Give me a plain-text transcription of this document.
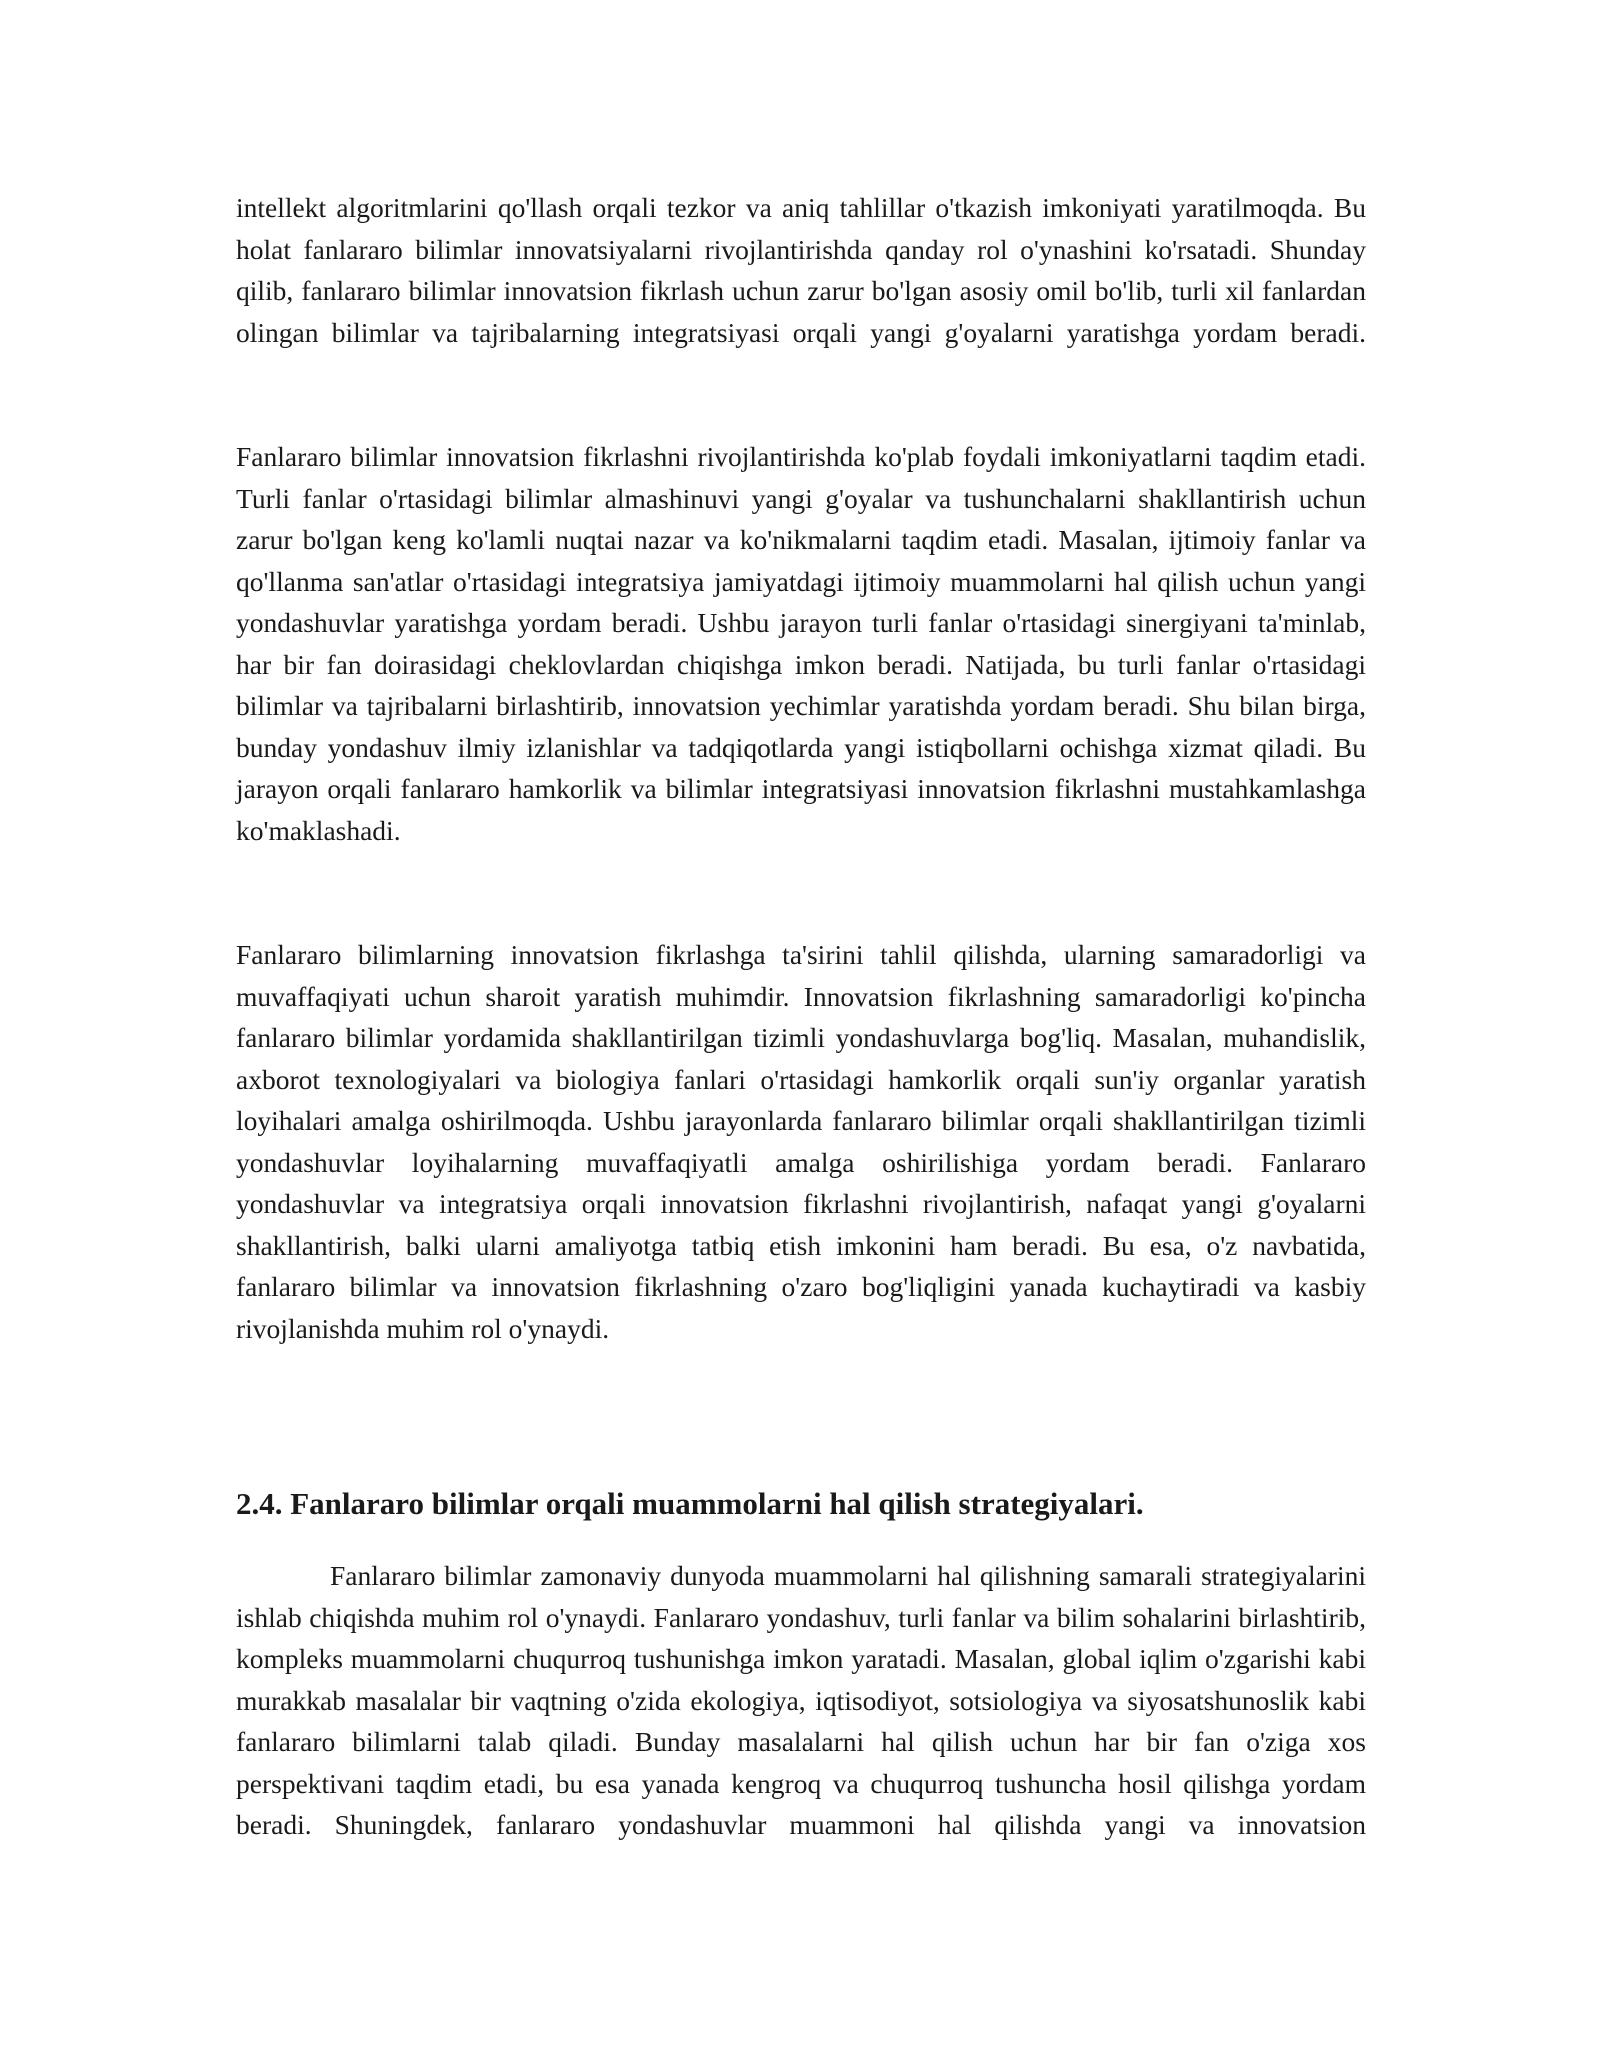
intellekt algoritmlarini qo'llash orqali tezkor va aniq tahlillar o'tkazish imkoniyati yaratilmoqda. Bu holat fanlararo bilimlar innovatsiyalarni rivojlantirishda qanday rol o'ynashini ko'rsatadi. Shunday qilib, fanlararo bilimlar innovatsion fikrlash uchun zarur bo'lgan asosiy omil bo'lib, turli xil fanlardan olingan bilimlar va tajribalarning integratsiyasi orqali yangi g'oyalarni yaratishga yordam beradi.

Fanlararo bilimlar innovatsion fikrlashni rivojlantirishda ko'plab foydali imkoniyatlarni taqdim etadi. Turli fanlar o'rtasidagi bilimlar almashinuvi yangi g'oyalar va tushunchalarni shakllantirish uchun zarur bo'lgan keng ko'lamli nuqtai nazar va ko'nikmalarni taqdim etadi. Masalan, ijtimoiy fanlar va qo'llanma san'atlar o'rtasidagi integratsiya jamiyatdagi ijtimoiy muammolarni hal qilish uchun yangi yondashuvlar yaratishga yordam beradi. Ushbu jarayon turli fanlar o'rtasidagi sinergiyani ta'minlab, har bir fan doirasidagi cheklovlardan chiqishga imkon beradi. Natijada, bu turli fanlar o'rtasidagi bilimlar va tajribalarni birlashtirib, innovatsion yechimlar yaratishda yordam beradi. Shu bilan birga, bunday yondashuv ilmiy izlanishlar va tadqiqotlarda yangi istiqbollarni ochishga xizmat qiladi. Bu jarayon orqali fanlararo hamkorlik va bilimlar integratsiyasi innovatsion fikrlashni mustahkamlashga ko'maklashadi.

Fanlararo bilimlarning innovatsion fikrlashga ta'sirini tahlil qilishda, ularning samaradorligi va muvaffaqiyati uchun sharoit yaratish muhimdir. Innovatsion fikrlashning samaradorligi ko'pincha fanlararo bilimlar yordamida shakllantirilgan tizimli yondashuvlarga bog'liq. Masalan, muhandislik, axborot texnologiyalari va biologiya fanlari o'rtasidagi hamkorlik orqali sun'iy organlar yaratish loyihalari amalga oshirilmoqda. Ushbu jarayonlarda fanlararo bilimlar orqali shakllantirilgan tizimli yondashuvlar loyihalarning muvaffaqiyatli amalga oshirilishiga yordam beradi. Fanlararo yondashuvlar va integratsiya orqali innovatsion fikrlashni rivojlantirish, nafaqat yangi g'oyalarni shakllantirish, balki ularni amaliyotga tatbiq etish imkonini ham beradi. Bu esa, o'z navbatida, fanlararo bilimlar va innovatsion fikrlashning o'zaro bog'liqligini yanada kuchaytiradi va kasbiy rivojlanishda muhim rol o'ynaydi.

2.4. Fanlararo bilimlar orqali muammolarni hal qilish strategiyalari.

Fanlararo bilimlar zamonaviy dunyoda muammolarni hal qilishning samarali strategiyalarini ishlab chiqishda muhim rol o'ynaydi. Fanlararo yondashuv, turli fanlar va bilim sohalarini birlashtirib, kompleks muammolarni chuqurroq tushunishga imkon yaratadi. Masalan, global iqlim o'zgarishi kabi murakkab masalalar bir vaqtning o'zida ekologiya, iqtisodiyot, sotsiologiya va siyosatshunoslik kabi fanlararo bilimlarni talab qiladi. Bunday masalalarni hal qilish uchun har bir fan o'ziga xos perspektivani taqdim etadi, bu esa yanada kengroq va chuqurroq tushuncha hosil qilishga yordam beradi. Shuningdek, fanlararo yondashuvlar muammoni hal qilishda yangi va innovatsion
